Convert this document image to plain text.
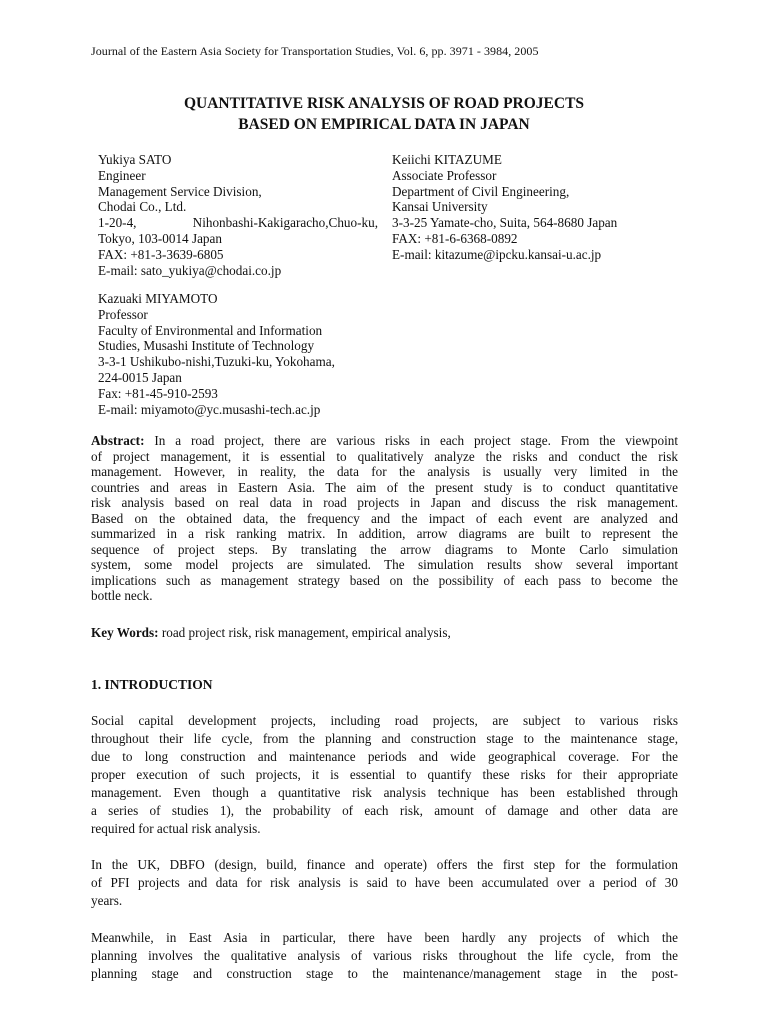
Journal of the Eastern Asia Society for Transportation Studies, Vol. 6, pp. 3971 - 3984, 2005
QUANTITATIVE RISK ANALYSIS OF ROAD PROJECTS
BASED ON EMPIRICAL DATA IN JAPAN
Yukiya SATO
Engineer
Management Service Division,
Chodai Co., Ltd.
1-20-4,	Nihonbashi-Kakigaracho,Chuo-ku,
Tokyo, 103-0014 Japan
FAX: +81-3-3639-6805
E-mail: sato_yukiya@chodai.co.jp
Keiichi KITAZUME
Associate Professor
Department of Civil Engineering,
Kansai University
3-3-25 Yamate-cho, Suita, 564-8680 Japan
FAX: +81-6-6368-0892
E-mail: kitazume@ipcku.kansai-u.ac.jp
Kazuaki MIYAMOTO
Professor
Faculty of Environmental and Information
Studies, Musashi Institute of Technology
3-3-1 Ushikubo-nishi,Tuzuki-ku, Yokohama,
224-0015 Japan
Fax: +81-45-910-2593
E-mail: miyamoto@yc.musashi-tech.ac.jp
Abstract: In a road project, there are various risks in each project stage. From the viewpoint
of project management, it is essential to qualitatively analyze the risks and conduct the risk
management. However, in reality, the data for the analysis is usually very limited in the
countries and areas in Eastern Asia. The aim of the present study is to conduct quantitative
risk analysis based on real data in road projects in Japan and discuss the risk management.
Based on the obtained data, the frequency and the impact of each event are analyzed and
summarized in a risk ranking matrix. In addition, arrow diagrams are built to represent the
sequence of project steps. By translating the arrow diagrams to Monte Carlo simulation
system, some model projects are simulated. The simulation results show several important
implications such as management strategy based on the possibility of each pass to become the
bottle neck.
Key Words: road project risk, risk management, empirical analysis,
1. INTRODUCTION
Social capital development projects, including road projects, are subject to various risks
throughout their life cycle, from the planning and construction stage to the maintenance stage,
due to long construction and maintenance periods and wide geographical coverage. For the
proper execution of such projects, it is essential to quantify these risks for their appropriate
management. Even though a quantitative risk analysis technique has been established through
a series of studies 1), the probability of each risk, amount of damage and other data are
required for actual risk analysis.
In the UK, DBFO (design, build, finance and operate) offers the first step for the formulation
of PFI projects and data for risk analysis is said to have been accumulated over a period of 30
years.
Meanwhile, in East Asia in particular, there have been hardly any projects of which the
planning involves the qualitative analysis of various risks throughout the life cycle, from the
planning stage and construction stage to the maintenance/management stage in the post-
